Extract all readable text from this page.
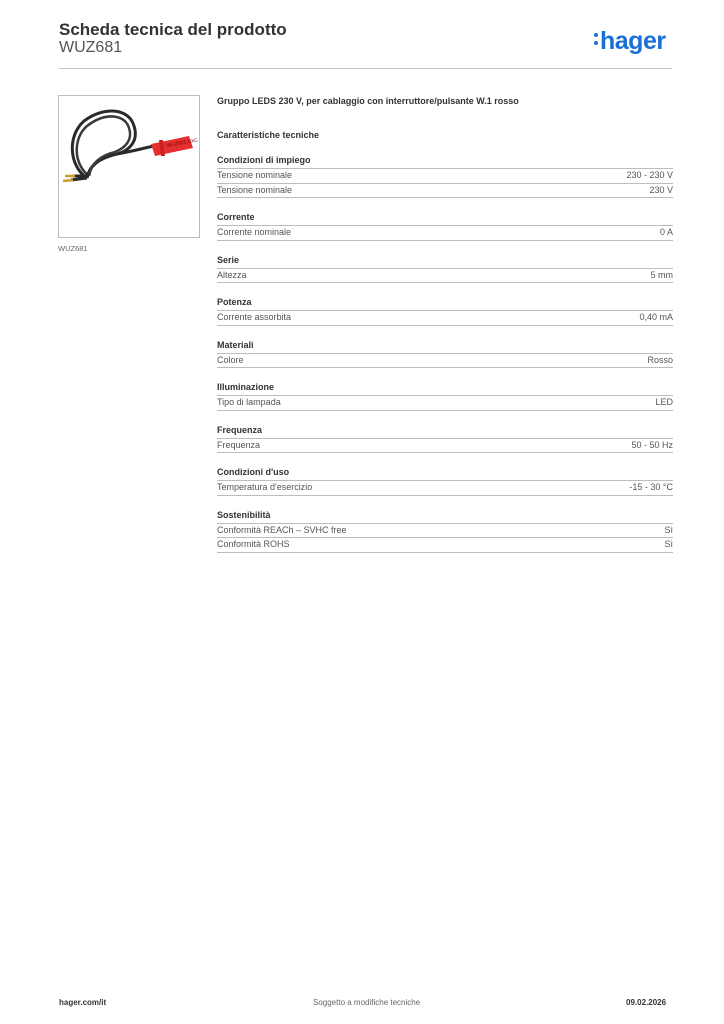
Scheda tecnica del prodotto
WUZ681	hager
WUZ681 NXC
WUZ681
Gruppo LEDS 230 V, per cablaggio con interruttore/pulsante W.1 rosso
Caratteristiche tecniche
Condizioni di impiego
Tensione nominale	230 - 230 V
Tensione nominale	230 V
Corrente
Corrente nominale	0 A
Serie
Altezza	5 mm
Potenza
Corrente assorbita	0,40 mA
Materiali
Colore	Rosso
Illuminazione
Tipo di lampada	LED
Frequenza
Frequenza	50 - 50 Hz
Condizioni d'uso
Temperatura d'esercizio	-15 - 30 °C
Sostenibilità
Conformità REACh – SVHC free	Sì
Conformità ROHS	Sì
hager.com/it	Soggetto a modifiche tecniche	09.02.2026
